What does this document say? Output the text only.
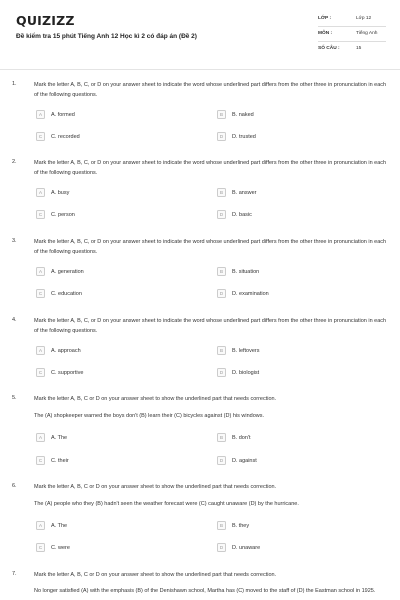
QUIZIZZ
Đề kiểm tra 15 phút Tiếng Anh 12 Học kì 2 có đáp án (Đề 2)
LỚP :	Lớp 12
MÔN :	Tiếng Anh
SỐ CÂU :	15
1.	Mark the letter A, B, C, or D on your answer sheet to indicate the word whose underlined part differs from the other three in pronunciation in each of the following questions.
A	A. formed	B	B. naked
C	C. recorded	D	D. trusted
2.	Mark the letter A, B, C, or D on your answer sheet to indicate the word whose underlined part differs from the other three in pronunciation in each of the following questions.
A	A. busy	B	B. answer
C	C. person	D	D. basic
3.	Mark the letter A, B, C, or D on your answer sheet to indicate the word whose underlined part differs from the other three in pronunciation in each of the following questions.
A	A. generation	B	B. situation
C	C. education	D	D. examination
4.	Mark the letter A, B, C, or D on your answer sheet to indicate the word whose underlined part differs from the other three in pronunciation in each of the following questions.
A	A. approach	B	B. leftovers
C	C. supportive	D	D. biologist
5.	Mark the letter A, B, C or D on your answer sheet to show the underlined part that needs correction.
The (A) shopkeeper warned the boys don't (B) learn their (C) bicycles against (D) his windows.
A	A. The	B	B. don't
C	C. their	D	D. against
6.	Mark the letter A, B, C or D on your answer sheet to show the underlined part that needs correction.
The (A) people who they (B) hadn't seen the weather forecast were (C) caught unaware (D) by the hurricane.
A	A. The	B	B. they
C	C. were	D	D. unaware
7.	Mark the letter A, B, C or D on your answer sheet to show the underlined part that needs correction.
No longer satisfied (A) with the emphasis (B) of the Denishawn school, Martha has (C) moved to the staff of (D) the Eastman school in 1925.
